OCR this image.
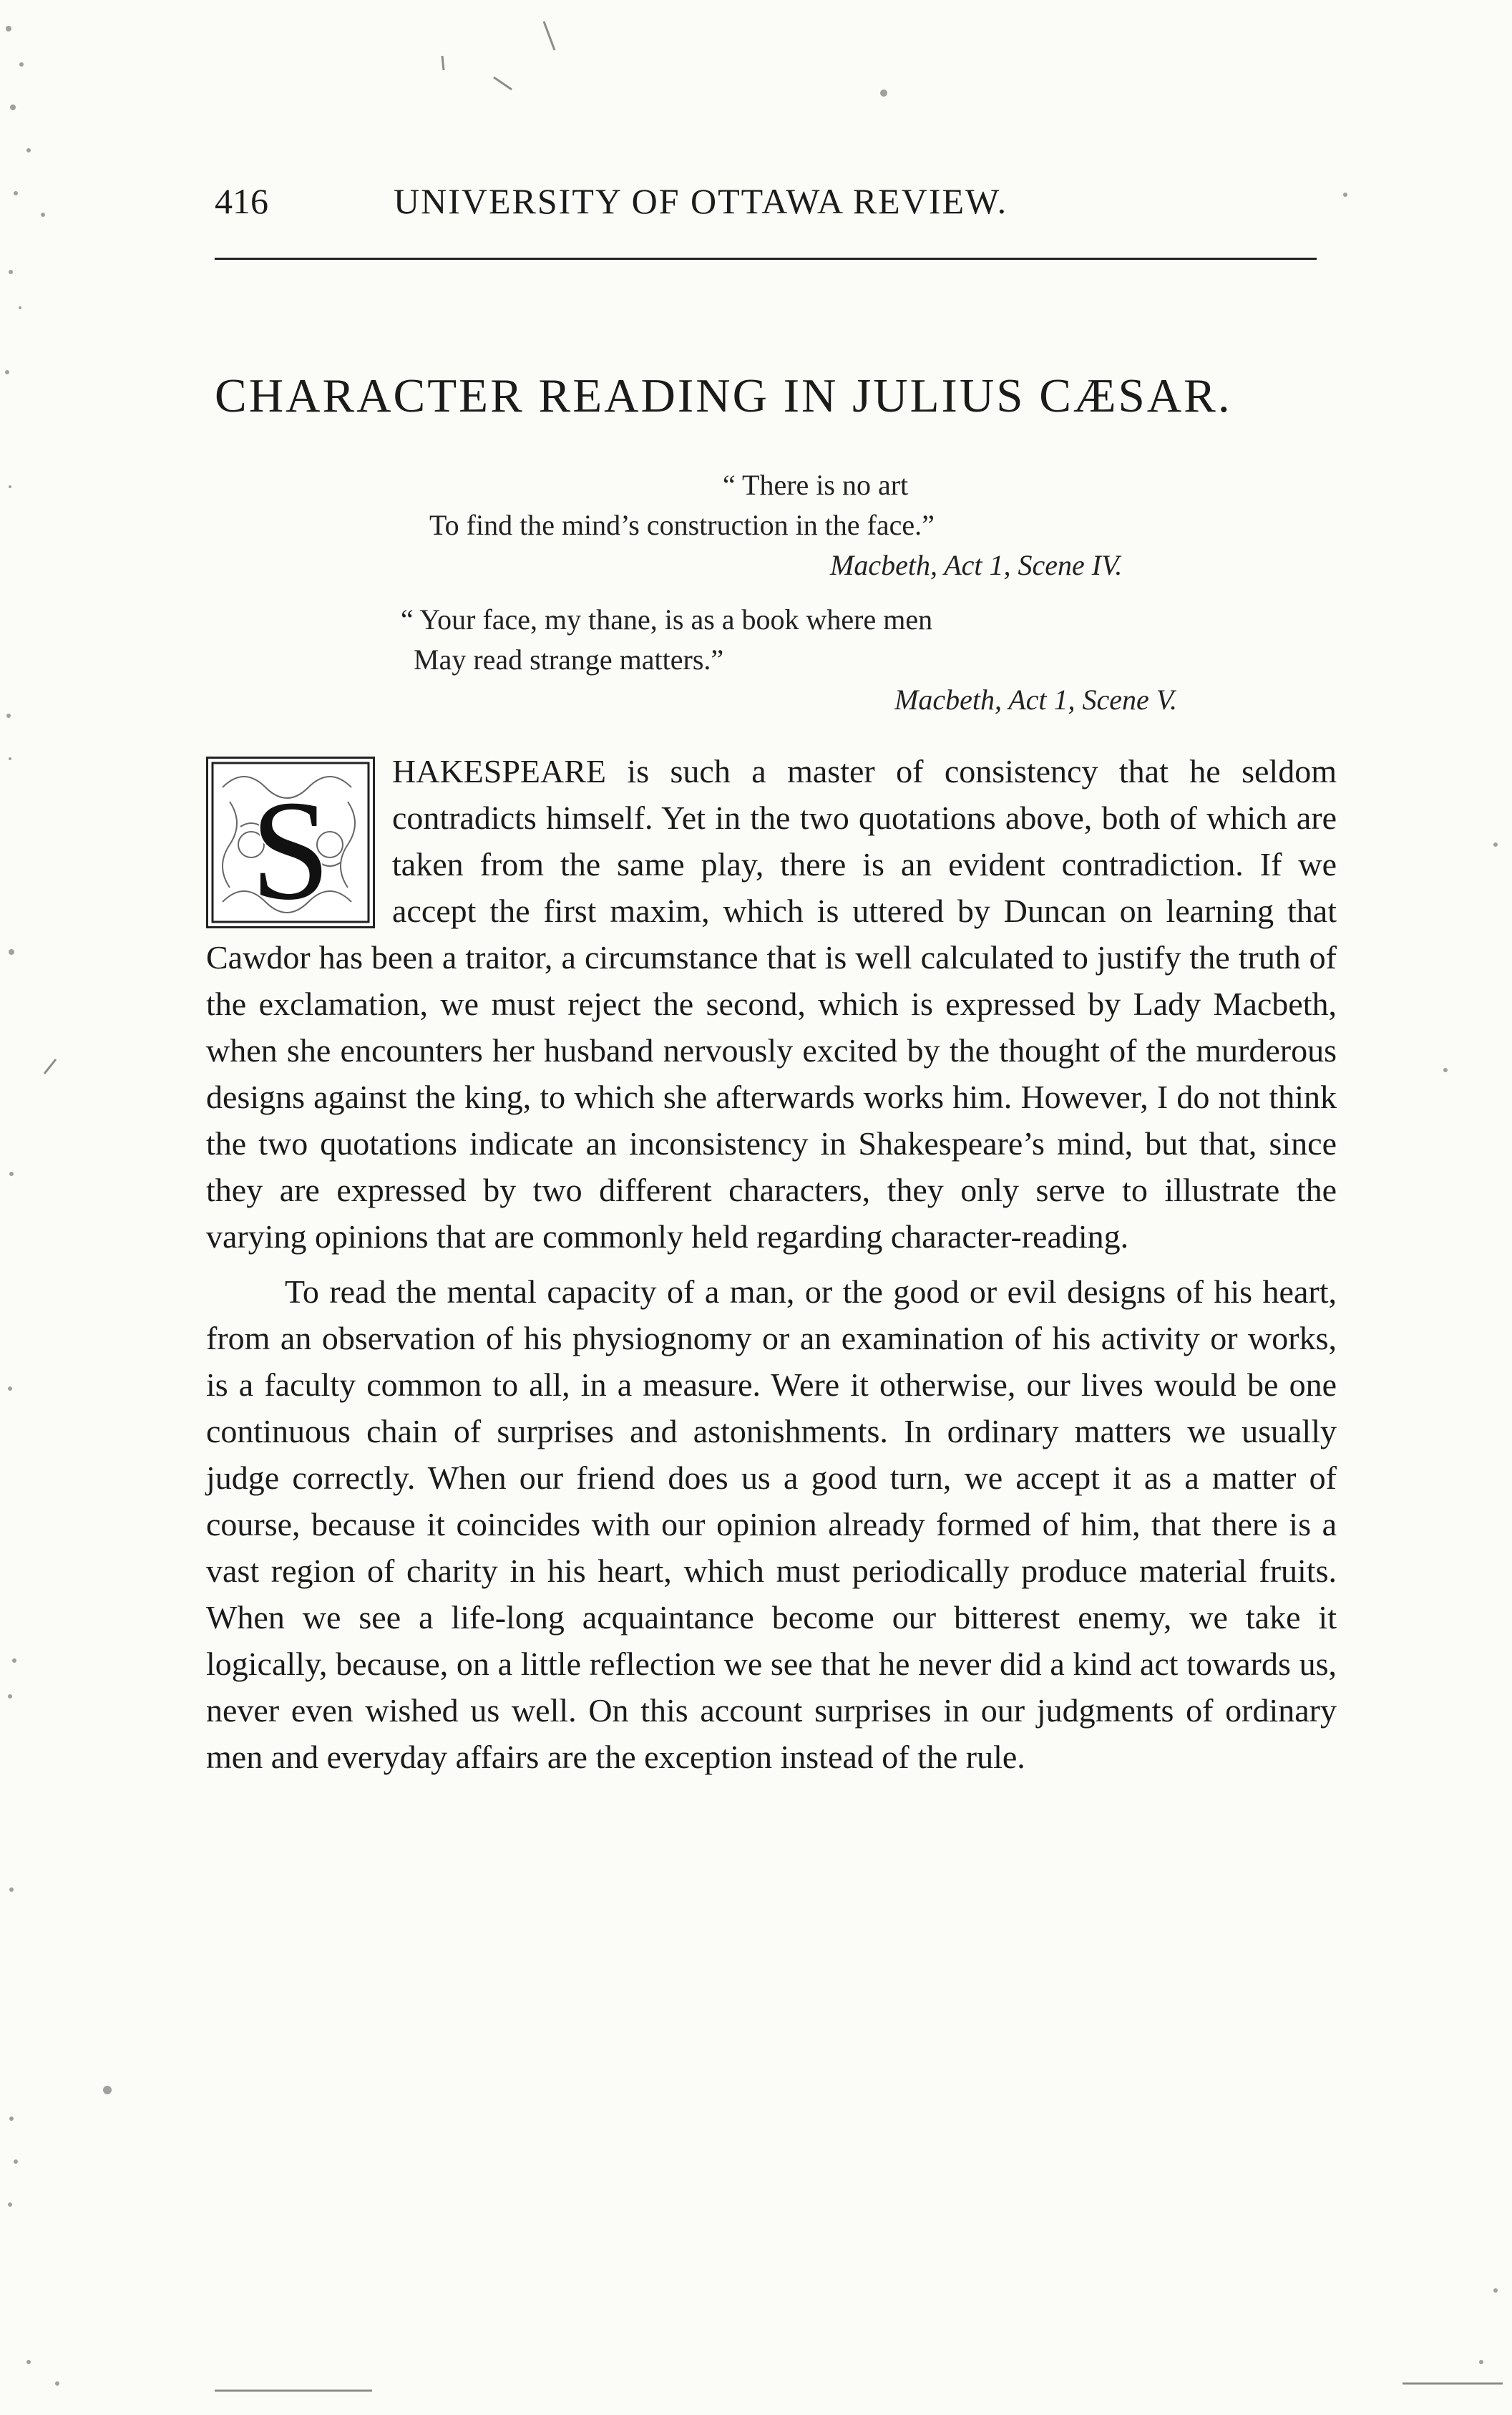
416	UNIVERSITY OF OTTAWA REVIEW.
CHARACTER READING IN JULIUS CÆSAR.
“ There is no art
To find the mind’s construction in the face.”
Macbeth, Act 1, Scene IV.
“ Your face, my thane, is as a book where men
May read strange matters.”
Macbeth, Act 1, Scene V.

S
HAKESPEARE is such a master of consistency that he seldom contradicts himself. Yet in the two quotations above, both of which are taken from the same play, there is an evident contradiction. If we accept the first maxim, which is uttered by Duncan on learning that Cawdor has been a traitor, a circumstance that is well calculated to justify the truth of the exclamation, we must reject the second, which is expressed by Lady Macbeth, when she encounters her husband nervously excited by the thought of the murderous designs against the king, to which she afterwards works him. However, I do not think the two quotations indicate an inconsistency in Shakespeare’s mind, but that, since they are expressed by two different characters, they only serve to illustrate the varying opinions that are commonly held regarding character-reading.

To read the mental capacity of a man, or the good or evil designs of his heart, from an observation of his physiognomy or an examination of his activity or works, is a faculty common to all, in a measure. Were it otherwise, our lives would be one continuous chain of surprises and astonishments. In ordinary matters we usually judge correctly. When our friend does us a good turn, we accept it as a matter of course, because it coincides with our opinion already formed of him, that there is a vast region of charity in his heart, which must periodically produce material fruits. When we see a life-long acquaintance become our bitterest enemy, we take it logically, because, on a little reflection we see that he never did a kind act towards us, never even wished us well. On this account surprises in our judgments of ordinary men and everyday affairs are the exception instead of the rule.
